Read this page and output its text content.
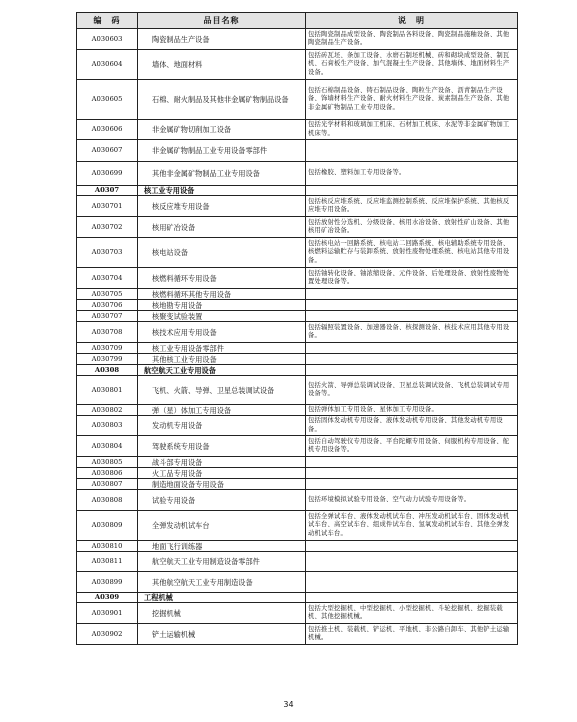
编　码	品目名称	说　明
A030603	陶瓷制品生产设备	包括陶瓷制品成型设备、陶瓷制品各料设备、陶瓷制品施釉设备、其他陶瓷制品生产设备。
A030604	墙体、地面材料	包括砖瓦坯、条加工设备、水磨石制坯机械、砖和砌块成型设备、制瓦机、石膏板生产设备、加气混凝土生产设备、其他墙体、地面材料生产设备。
A030605	石棉、耐火制品及其他非金属矿物制品设备	包括石棉制品设备、铸石制品设备、陶粒生产设备、沥青制品生产设备、饰墙材料生产设备、耐火材料生产设备、炭素制品生产设备、其他非金属矿物制品工业专用设备。
A030606	非金属矿物切削加工设备	包括光学材料和玻璃加工机床、石材加工机床、水泥等非金属矿物加工机床等。
A030607	非金属矿物制品工业专用设备零部件	
A030699	其他非金属矿物制品工业专用设备	包括橡胶、塑料加工专用设备等。
A0307	核工业专用设备	
A030701	核反应堆专用设备	包括核反应堆系统、反应堆监测控制系统、反应堆保护系统、其他核反应堆专用设备。
A030702	核用矿冶设备	包括放射性分选机、分级设备、核用水冶设备、放射性矿山设备、其他核用矿冶设备。
A030703	核电站设备	包括核电站一回路系统、核电站二回路系统、核电辅助系统专用设备、核燃料运输贮存与装卸系统、放射性废物处理系统、核电站其他专用设备。
A030704	核燃料循环专用设备	包括铀转化设备、铀浓缩设备、元件设备、后处理设备、放射性废物处置处理设备等。
A030705	核燃料循环其他专用设备	
A030706	核地勘专用设备	
A030707	核聚变试验装置	
A030708	核技术应用专用设备	包括辐照装置设备、加速器设备、核探测设备、核技术应用其他专用设备。
A030709	核工业专用设备零部件	
A030799	其他核工业专用设备	
A0308	航空航天工业专用设备	
A030801	飞机、火箭、导弹、卫星总装调试设备	包括火箭、导弹总装调试设备、卫星总装调试设备、飞机总装调试专用设备等。
A030802	弹（星）体加工专用设备	包括弹体加工专用设备、星体加工专用设备。
A030803	发动机专用设备	包括固体发动机专用设备、液体发动机专用设备、其他发动机专用设备。
A030804	驾驶系统专用设备	包括自动驾驶仪专用设备、平台陀螺专用设备、伺服机构专用设备、舵机专用设备等。
A030805	战斗部专用设备	
A030806	火工品专用设备	
A030807	制造地面设备专用设备	
A030808	试验专用设备	包括环境模拟试验专用设备、空气动力试验专用设备等。
A030809	全弹发动机试车台	包括全弹试车台、液体发动机试车台、冲压发动机试车台、固体发动机试车台、高空试车台、组成件试车台、氢氧发动机试车台、其他全弹发动机试车台。
A030810	地面飞行训练器	
A030811	航空航天工业专用制造设备零部件	
A030899	其他航空航天工业专用制造设备	
A0309	工程机械	
A030901	挖掘机械	包括大型挖掘机、中型挖掘机、小型挖掘机、斗轮挖掘机、挖掘装载机、其他挖掘机械。
A030902	铲土运输机械	包括推土机、装载机、铲运机、平地机、非公路自卸车、其他铲土运输机械。
34
